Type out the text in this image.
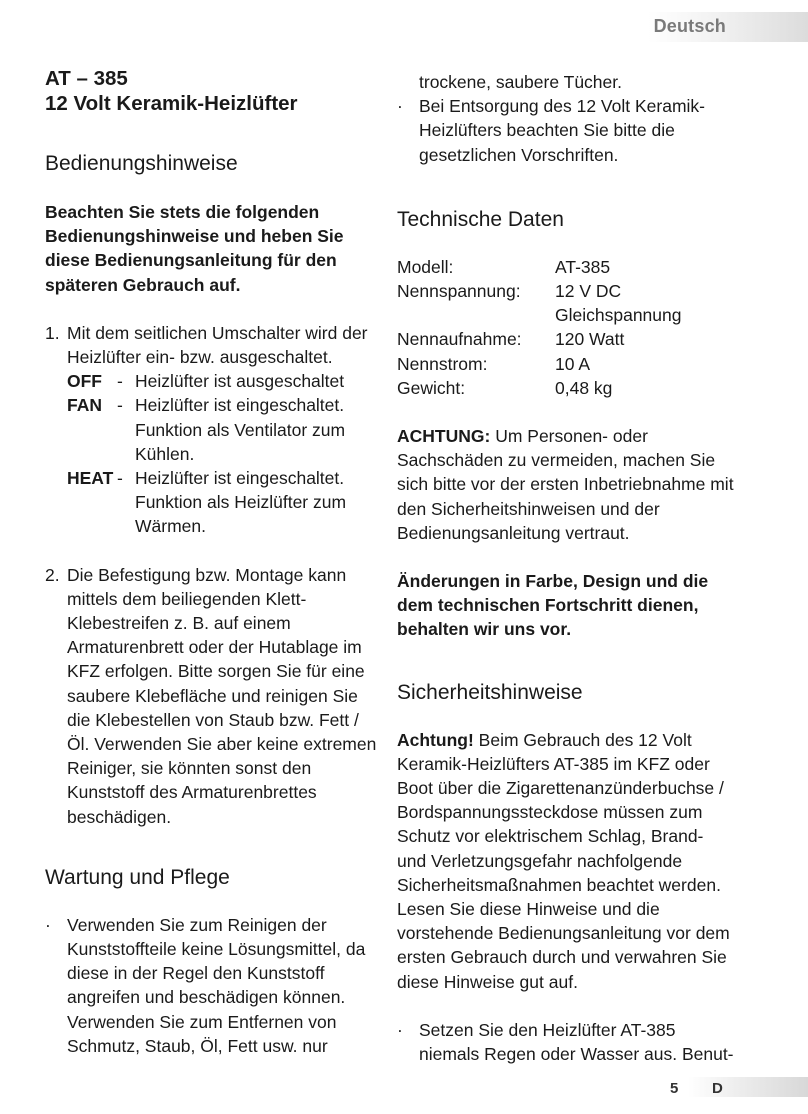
Deutsch
AT – 385
12 Volt Keramik-Heizlüfter
Bedienungshinweise

Beachten Sie stets die folgenden Bedienungshinweise und heben Sie diese Bedienungsanleitung für den späteren Gebrauch auf.

1. Mit dem seitlichen Umschalter wird der Heizlüfter ein- bzw. ausgeschaltet.
OFF - Heizlüfter ist ausgeschaltet
FAN - Heizlüfter ist eingeschaltet. Funktion als Ventilator zum Kühlen.
HEAT - Heizlüfter ist eingeschaltet. Funktion als Heizlüfter zum Wärmen.
2. Die Befestigung bzw. Montage kann mittels dem beiliegenden Klett-Klebestreifen z. B. auf einem Armaturenbrett oder der Hutablage im KFZ erfolgen. Bitte sorgen Sie für eine saubere Klebefläche und reinigen Sie die Klebestellen von Staub bzw. Fett / Öl. Verwenden Sie aber keine extremen Reiniger, sie könnten sonst den Kunststoff des Armaturenbrettes beschädigen.
Wartung und Pflege
· Verwenden Sie zum Reinigen der Kunststoffteile keine Lösungsmittel, da diese in der Regel den Kunststoff angreifen und beschädigen können. Verwenden Sie zum Entfernen von Schmutz, Staub, Öl, Fett usw. nur
trockene, saubere Tücher.
· Bei Entsorgung des 12 Volt Keramik-Heizlüfters beachten Sie bitte die gesetzlichen Vorschriften.
Technische Daten
Modell:	AT-385
Nennspannung: 12 V DC
Gleichspannung
Nennaufnahme: 120 Watt
Nennstrom:	10 A
Gewicht:	0,48 kg

ACHTUNG: Um Personen- oder Sachschäden zu vermeiden, machen Sie sich bitte vor der ersten Inbetriebnahme mit den Sicherheitshinweisen und der Bedienungsanleitung vertraut.

Änderungen in Farbe, Design und die dem technischen Fortschritt dienen, behalten wir uns vor.

Sicherheitshinweise

Achtung! Beim Gebrauch des 12 Volt Keramik-Heizlüfters AT-385 im KFZ oder Boot über die Zigarettenanzünderbuchse / Bordspannungssteckdose müssen zum Schutz vor elektrischem Schlag, Brand- und Verletzungsgefahr nachfolgende Sicherheitsmaßnahmen beachtet werden. Lesen Sie diese Hinweise und die vorstehende Bedienungsanleitung vor dem ersten Gebrauch durch und verwahren Sie diese Hinweise gut auf.

· Setzen Sie den Heizlüfter AT-385 niemals Regen oder Wasser aus. Benut-
5 D
